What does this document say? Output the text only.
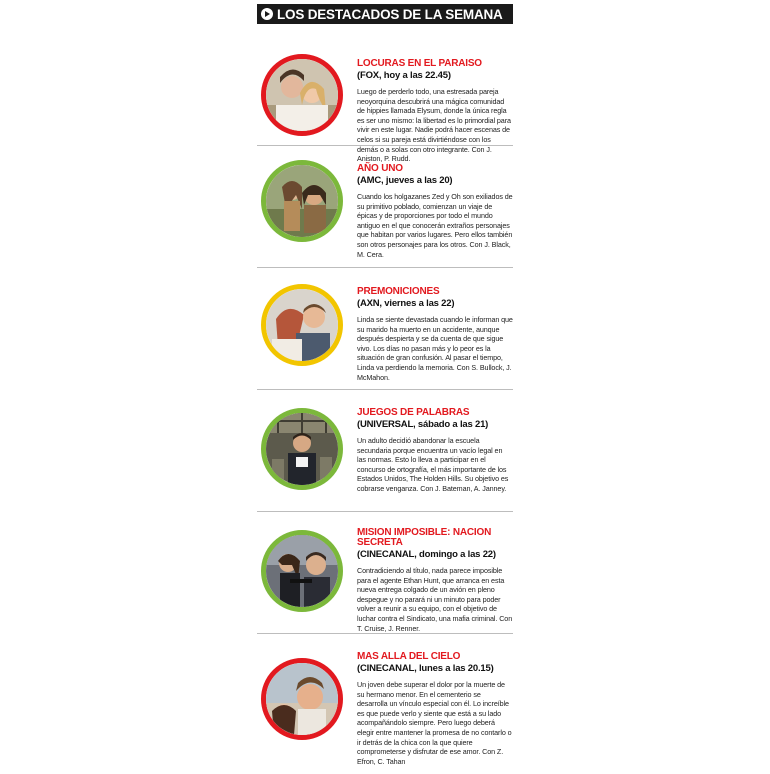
LOS DESTACADOS DE LA SEMANA
LOCURAS EN EL PARAISO
(FOX, hoy a las 22.45)
Luego de perderlo todo, una estresada pareja neoyorquina descubrirá una mágica comunidad de hippies llamada Elysum, donde la única regla es ser uno mismo: la libertad es lo primordial para vivir en este lugar. Nadie podrá hacer escenas de celos si su pareja está divirtiéndose con los demás o a solas con otro integrante. Con J. Aniston, P. Rudd.
AÑO UNO
(AMC, jueves a las 20)
Cuando los holgazanes Zed y Oh son exiliados de su primitivo poblado, comienzan un viaje de épicas y de proporciones por todo el mundo antiguo en el que conocerán extraños personajes que habitan por varios lugares. Pero ellos también son otros personajes para los otros. Con J. Black, M. Cera.
PREMONICIONES
(AXN, viernes a las 22)
Linda se siente devastada cuando le informan que su marido ha muerto en un accidente, aunque después despierta y se da cuenta de que sigue vivo. Los días no pasan más y lo peor es la situación de gran confusión. Al pasar el tiempo, Linda va perdiendo la memoria. Con S. Bullock, J. McMahon.
JUEGOS DE PALABRAS
(UNIVERSAL, sábado a las 21)
Un adulto decidió abandonar la escuela secundaria porque encuentra un vacío legal en las normas. Esto lo lleva a participar en el concurso de ortografía, el más importante de los Estados Unidos, The Holden Hills. Su objetivo es cobrarse venganza. Con J. Bateman, A. Janney.
MISION IMPOSIBLE: NACION SECRETA
(CINECANAL, domingo a las 22)
Contradiciendo al título, nada parece imposible para el agente Ethan Hunt, que arranca en esta nueva entrega colgado de un avión en pleno despegue y no parará ni un minuto para poder volver a reunir a su equipo, con el objetivo de luchar contra el Sindicato, una mafia criminal. Con T. Cruise, J. Renner.
MAS ALLA DEL CIELO
(CINECANAL, lunes a las 20.15)
Un joven debe superar el dolor por la muerte de su hermano menor. En el cementerio se desarrolla un vínculo especial con él. Lo increíble es que puede verlo y siente que está a su lado acompañándolo siempre. Pero luego deberá elegir entre mantener la promesa de no contarlo o ir detrás de la chica con la que quiere comprometerse y disfrutar de ese amor. Con Z. Efron, C. Tahan
